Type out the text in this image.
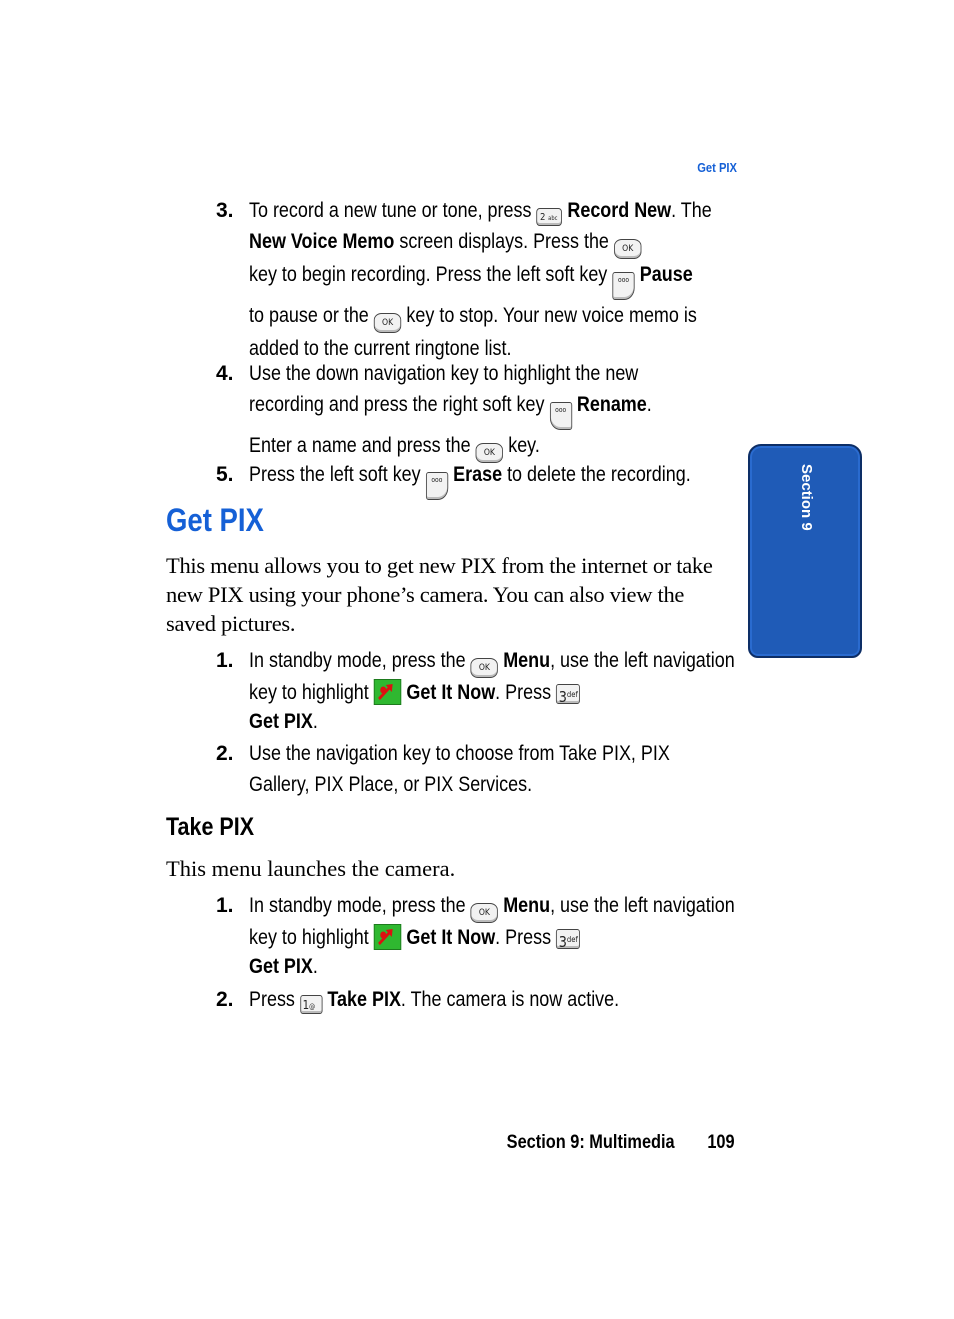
Get PIX
3. To record a new tune or tone, press 2 abc Record New. The New Voice Memo screen displays. Press the OK
key to begin recording. Press the left soft key ooo Pause
to pause or the OK key to stop. Your new voice memo is added to the current ringtone list.
4. Use the down navigation key to highlight the new recording and press the right soft key ooo Rename. Enter a name and press the OK key.
5. Press the left soft key ooo Erase to delete the recording.
Get PIX

This menu allows you to get new PIX from the internet or take new PIX using your phone’s camera. You can also view the saved pictures.

1. In standby mode, press the OK Menu, use the left navigation key to highlight Get It Now. Press $3^{def}$
Get PIX.
2. Use the navigation key to choose from Take PIX, PIX Gallery, PIX Place, or PIX Services.
Take PIX

This menu launches the camera.

1. In standby mode, press the OK Menu, use the left navigation key to highlight Get It Now. Press $3^{def}$
Get PIX.
2. Press 1@ Take PIX. The camera is now active.
Section 9
Section 9: Multimedia 109
